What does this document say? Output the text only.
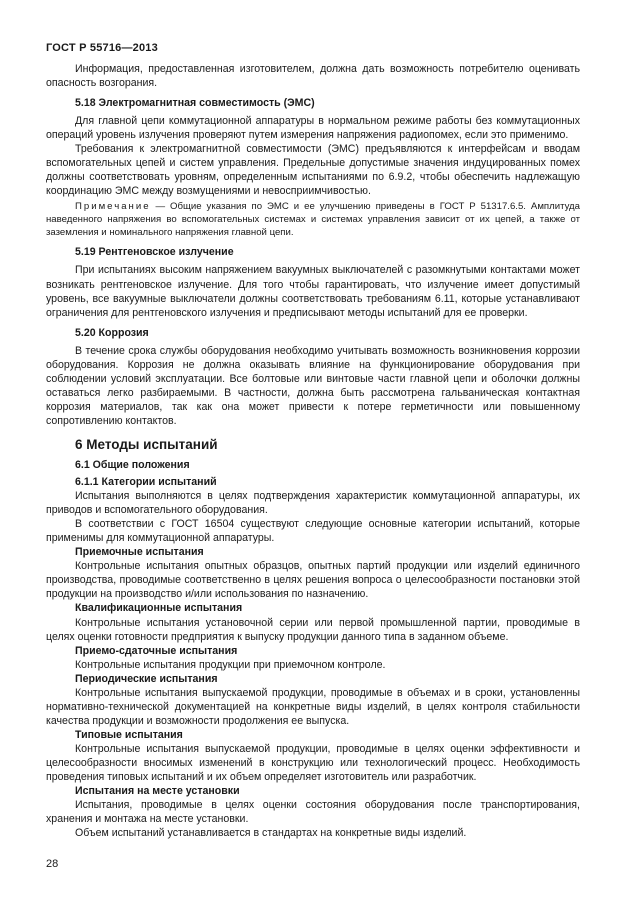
ГОСТ Р 55716—2013

Информация, предоставленная изготовителем, должна дать возможность потребителю оценивать опасность возгорания.

5.18 Электромагнитная совместимость (ЭМС)

Для главной цепи коммутационной аппаратуры в нормальном режиме работы без коммутационных операций уровень излучения проверяют путем измерения напряжения радиопомех, если это применимо.

Требования к электромагнитной совместимости (ЭМС) предъявляются к интерфейсам и вводам вспомогательных цепей и систем управления. Предельные допустимые значения индуцированных помех должны соответствовать уровням, определенным испытаниями по 6.9.2, чтобы обеспечить надлежащую координацию ЭМС между возмущениями и невосприимчивостью.

Примечание — Общие указания по ЭМС и ее улучшению приведены в ГОСТ Р 51317.6.5. Амплитуда наведенного напряжения во вспомогательных системах и системах управления зависит от их цепей, а также от заземления и номинального напряжения главной цепи.

5.19 Рентгеновское излучение

При испытаниях высоким напряжением вакуумных выключателей с разомкнутыми контактами может возникать рентгеновское излучение. Для того чтобы гарантировать, что излучение имеет допустимый уровень, все вакуумные выключатели должны соответствовать требованиям 6.11, которые устанавливают ограничения для рентгеновского излучения и предписывают методы испытаний для ее проверки.

5.20 Коррозия

В течение срока службы оборудования необходимо учитывать возможность возникновения коррозии оборудования. Коррозия не должна оказывать влияние на функционирование оборудования при соблюдении условий эксплуатации. Все болтовые или винтовые части главной цепи и оболочки должны оставаться легко разбираемыми. В частности, должна быть рассмотрена гальваническая контактная коррозия материалов, так как она может привести к потере герметичности или повышенному сопротивлению контактов.

6 Методы испытаний

6.1 Общие положения

6.1.1 Категории испытаний

Испытания выполняются в целях подтверждения характеристик коммутационной аппаратуры, их приводов и вспомогательного оборудования.

В соответствии с ГОСТ 16504 существуют следующие основные категории испытаний, которые применимы для коммутационной аппаратуры.

Приемочные испытания

Контрольные испытания опытных образцов, опытных партий продукции или изделий единичного производства, проводимые соответственно в целях решения вопроса о целесообразности постановки этой продукции на производство и/или использования по назначению.

Квалификационные испытания

Контрольные испытания установочной серии или первой промышленной партии, проводимые в целях оценки готовности предприятия к выпуску продукции данного типа в заданном объеме.

Приемо-сдаточные испытания

Контрольные испытания продукции при приемочном контроле.

Периодические испытания

Контрольные испытания выпускаемой продукции, проводимые в объемах и в сроки, установленны нормативно-технической документацией на конкретные виды изделий, в целях контроля стабильности качества продукции и возможности продолжения ее выпуска.

Типовые испытания

Контрольные испытания выпускаемой продукции, проводимые в целях оценки эффективности и целесообразности вносимых изменений в конструкцию или технологический процесс. Необходимость проведения типовых испытаний и их объем определяет изготовитель или разработчик.

Испытания на месте установки

Испытания, проводимые в целях оценки состояния оборудования после транспортирования, хранения и монтажа на месте установки.

Объем испытаний устанавливается в стандартах на конкретные виды изделий.

28
